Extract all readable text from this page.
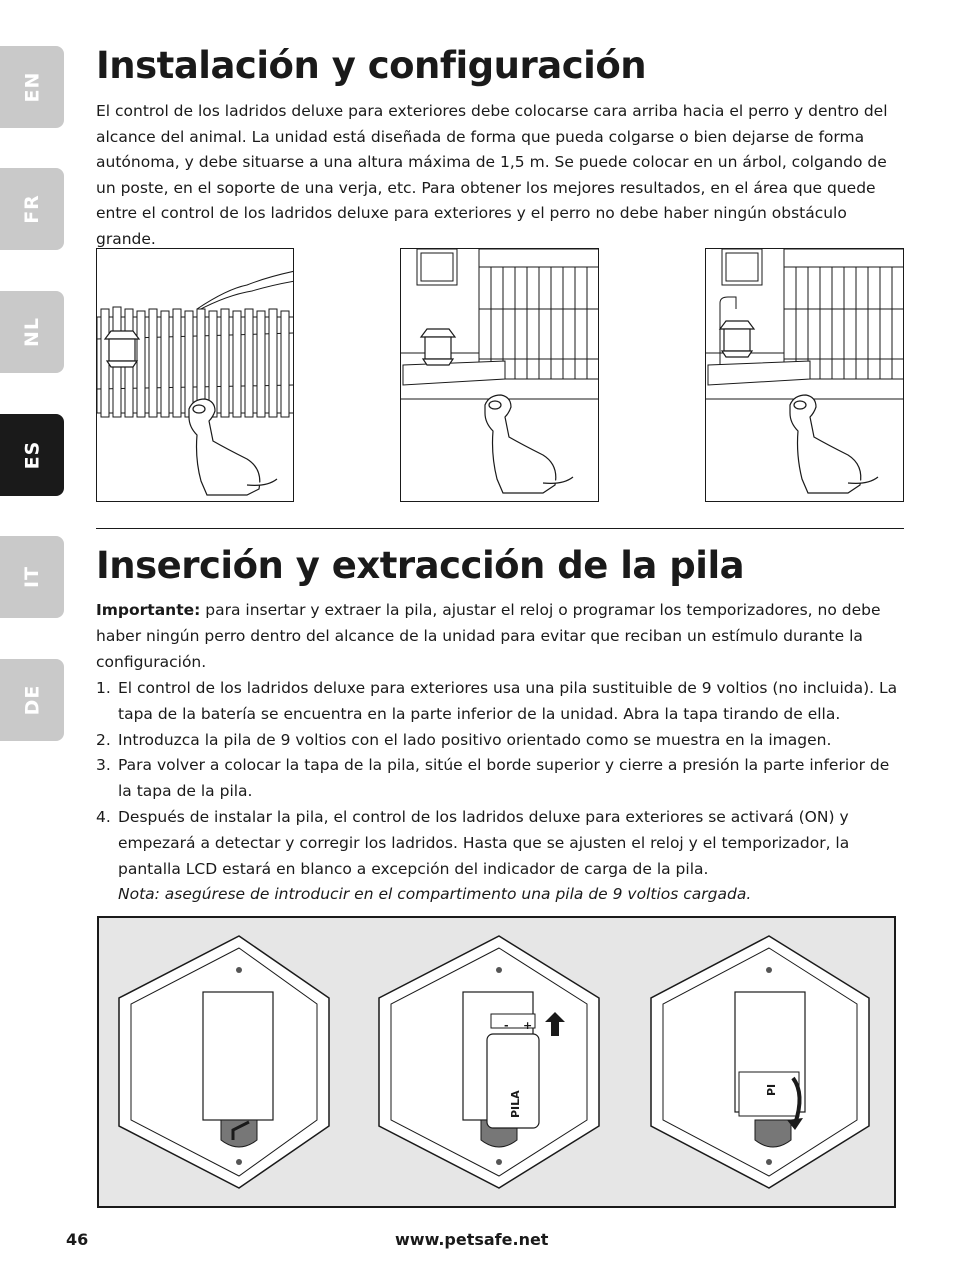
EN
FR
NL
ES
IT
DE
Instalación y configuración

El control de los ladridos deluxe para exteriores debe colocarse cara arriba hacia el perro y dentro del alcance del animal. La unidad está diseñada de forma que pueda colgarse o bien dejarse de forma autónoma, y debe situarse a una altura máxima de 1,5 m. Se puede colocar en un árbol, colgando de un poste, en el soporte de una verja, etc. Para obtener los mejores resultados, en el área que quede entre el control de los ladridos deluxe para exteriores y el perro no debe haber ningún obstáculo grande.

Inserción y extracción de la pila

Importante: para insertar y extraer la pila, ajustar el reloj o programar los temporizadores, no debe haber ningún perro dentro del alcance de la unidad para evitar que reciban un estímulo durante la configuración.

1. El control de los ladridos deluxe para exteriores usa una pila sustituible de 9 voltios (no incluida). La tapa de la batería se encuentra en la parte inferior de la unidad. Abra la tapa tirando de ella.
2. Introduzca la pila de 9 voltios con el lado positivo orientado como se muestra en la imagen.
3. Para volver a colocar la tapa de la pila, sitúe el borde superior y cierre a presión la parte inferior de la tapa de la pila.
4. Después de instalar la pila, el control de los ladridos deluxe para exteriores se activará (ON) y empezará a detectar y corregir los ladridos. Hasta que se ajusten el reloj y el temporizador, la pantalla LCD estará en blanco a excepción del indicador de carga de la pila.
Nota: asegúrese de introducir en el compartimento una pila de 9 voltios cargada.
PILA
- +
PI
46	www.petsafe.net
